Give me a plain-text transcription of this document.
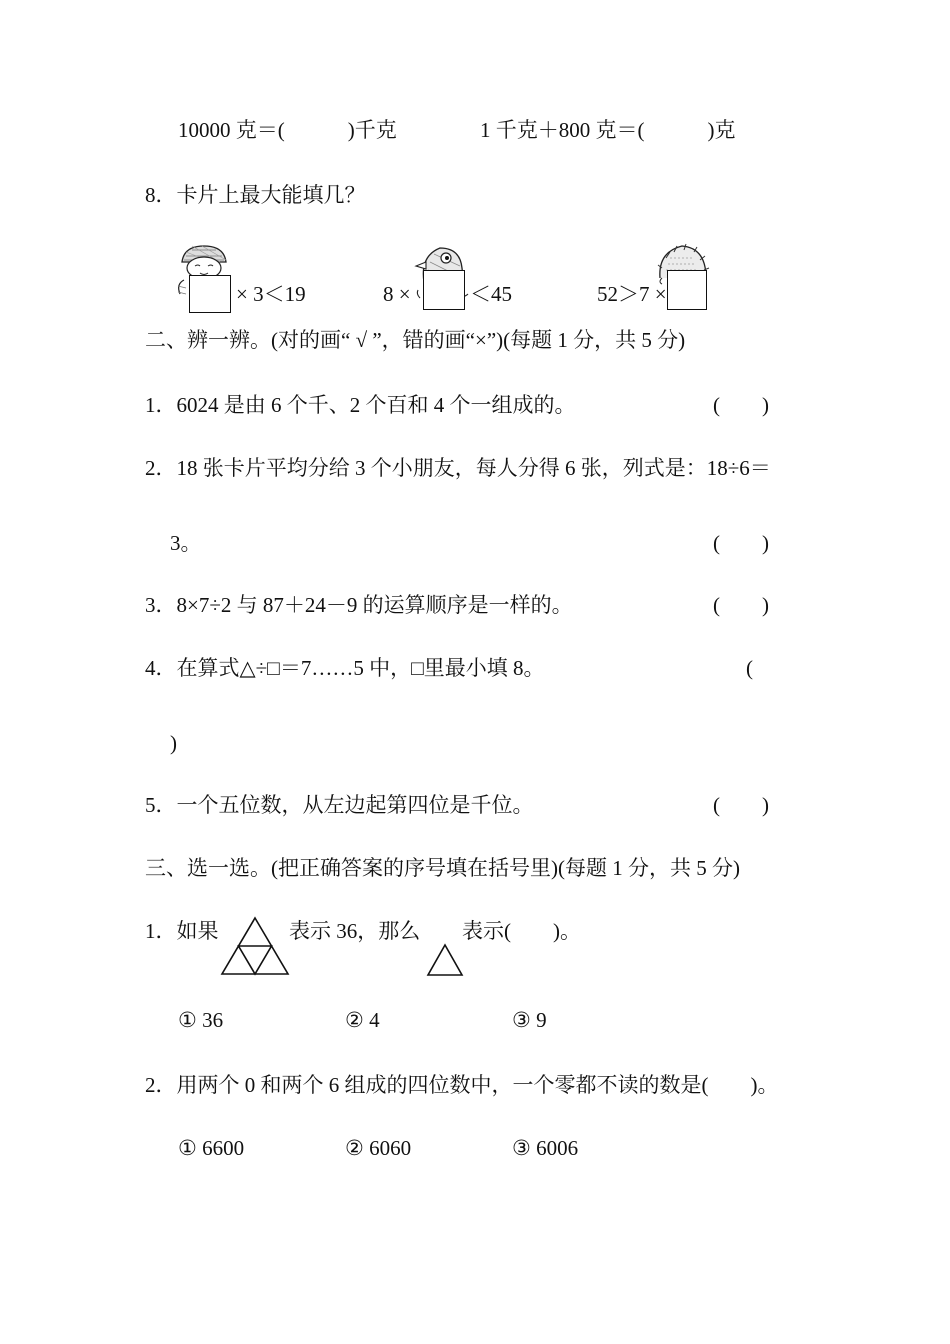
10000 克＝(　　　)千克	1 千克＋800 克＝(　　　)克
8．卡片上最大能填几？
× 3＜19	8 ×	＜45	52＞7 ×
二、辨一辨。(对的画“ √ ”，错的画“×”)(每题 1 分，共 5 分)
1．6024 是由 6 个千、2 个百和 4 个一组成的。	(　　)
2．18 张卡片平均分给 3 个小朋友，每人分得 6 张，列式是：18÷6＝
3。	(　　)
3．8×7÷2 与 87＋24－9 的运算顺序是一样的。	(　　)
4．在算式△÷□＝7……5 中，□里最小填 8。	(
)
5．一个五位数，从左边起第四位是千位。	(　　)
三、选一选。(把正确答案的序号填在括号里)(每题 1 分，共 5 分)
1．如果	表示 36，那么 表示(　　)。
① 36	② 4	③ 9
2．用两个 0 和两个 6 组成的四位数中，一个零都不读的数是(　　)。
① 6600	② 6060	③ 6006
